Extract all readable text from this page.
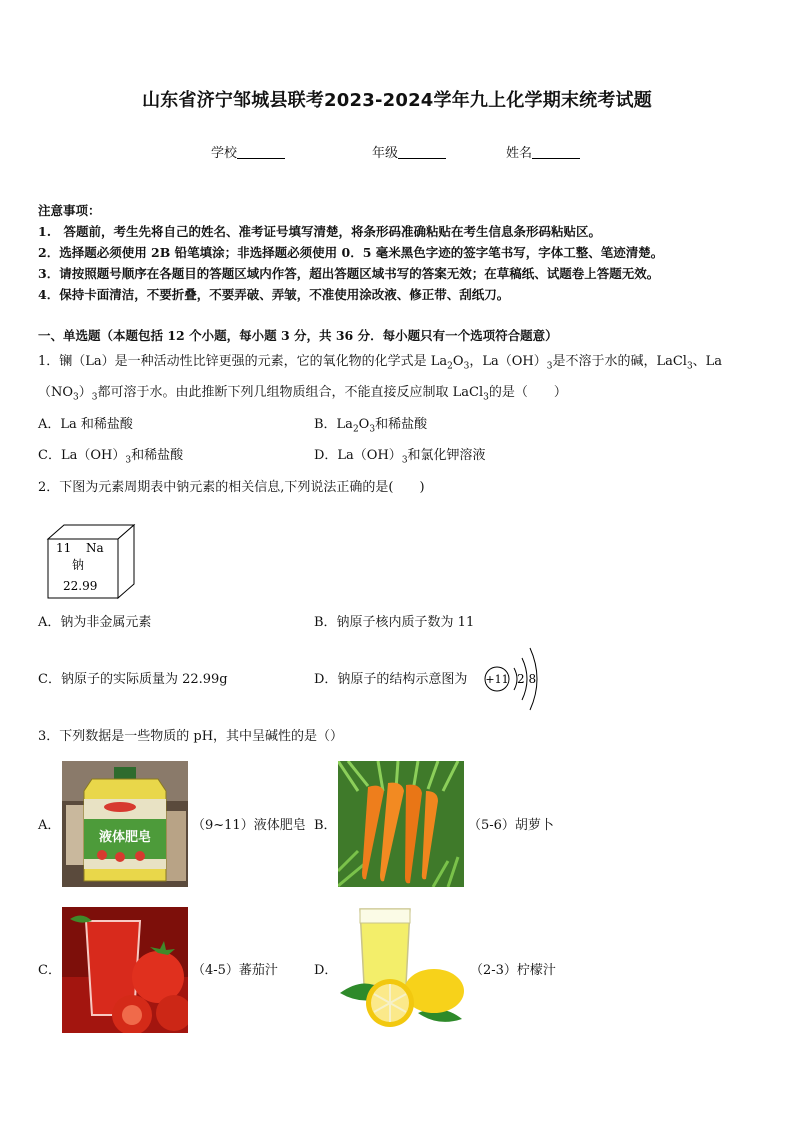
山东省济宁邹城县联考2023-2024学年九上化学期末统考试题
学校	年级	姓名
注意事项：
1.　答题前，考生先将自己的姓名、准考证号填写清楚，将条形码准确粘贴在考生信息条形码粘贴区。
2．选择题必须使用 2B 铅笔填涂；非选择题必须使用 0．5 毫米黑色字迹的签字笔书写，字体工整、笔迹清楚。
3．请按照题号顺序在各题目的答题区域内作答，超出答题区域书写的答案无效；在草稿纸、试题卷上答题无效。
4．保持卡面清洁，不要折叠，不要弄破、弄皱，不准使用涂改液、修正带、刮纸刀。
一、单选题（本题包括 12 个小题，每小题 3 分，共 36 分．每小题只有一个选项符合题意）
1．镧（La）是一种活动性比锌更强的元素，它的氧化物的化学式是 $La_2O_3$，$La(OH)_3$是不溶于水的碱，LaCl$_3$、La
$(NO_3)_3$都可溶于水。由此推断下列几组物质组合，不能直接反应制取 LaCl$_3$的是（　　）
A．La 和稀盐酸	B．$La_2O_3$和稀盐酸
C．$La(OH)_3$和稀盐酸	D．$La(OH)_3$和氯化钾溶液
2．下图为元素周期表中钠元素的相关信息,下列说法正确的是(　　)
11 Na
钠
22.99
A．钠为非金属元素	B．钠原子核内质子数为 11
C．钠原子的实际质量为 22.99g	D．钠原子的结构示意图为 +11 2 8
3．下列数据是一些物质的 pH，其中呈碱性的是（）
A．
液体肥皂
（9~11）液体肥皂 B．	（5-6）胡萝卜
C．	（4-5）蕃茄汁	D．	（2-3）柠檬汁
